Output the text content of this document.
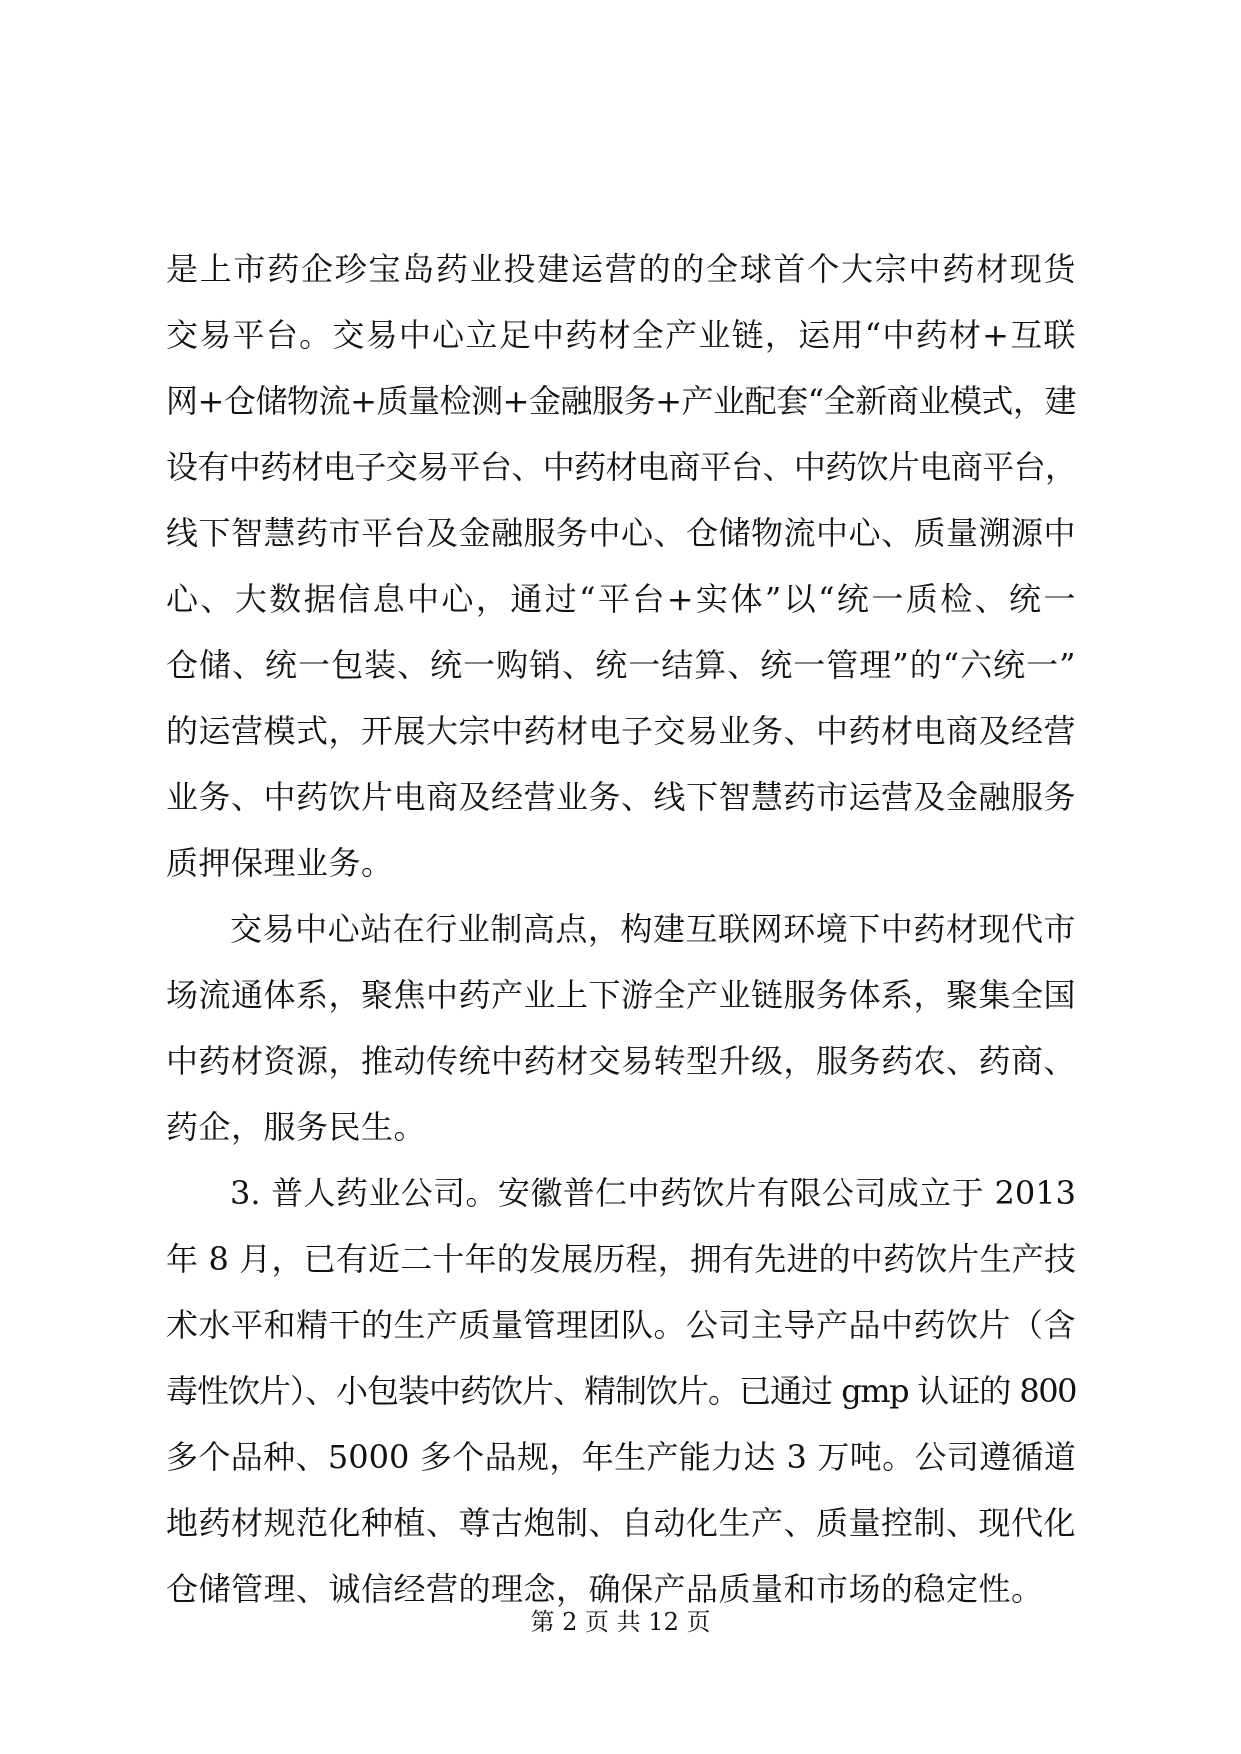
是上市药企珍宝岛药业投建运营的的全球首个大宗中药材现货
交易平台。交易中心立足中药材全产业链，运用“中药材+互联
网+仓储物流+质量检测+金融服务+产业配套“全新商业模式，建
设有中药材电子交易平台、中药材电商平台、中药饮片电商平台，
线下智慧药市平台及金融服务中心、仓储物流中心、质量溯源中
心、大数据信息中心，通过“平台+实体”以“统一质检、统一
仓储、统一包装、统一购销、统一结算、统一管理”的“六统一”
的运营模式，开展大宗中药材电子交易业务、中药材电商及经营
业务、中药饮片电商及经营业务、线下智慧药市运营及金融服务
质押保理业务。
交易中心站在行业制高点，构建互联网环境下中药材现代市
场流通体系，聚焦中药产业上下游全产业链服务体系，聚集全国
中药材资源，推动传统中药材交易转型升级，服务药农、药商、
药企，服务民生。
3. 普人药业公司。安徽普仁中药饮片有限公司成立于 2013
年 8 月，已有近二十年的发展历程，拥有先进的中药饮片生产技
术水平和精干的生产质量管理团队。公司主导产品中药饮片（含
毒性饮片）、小包装中药饮片、精制饮片。已通过 gmp 认证的 800
多个品种、5000 多个品规，年生产能力达 3 万吨。公司遵循道
地药材规范化种植、尊古炮制、自动化生产、质量控制、现代化
仓储管理、诚信经营的理念，确保产品质量和市场的稳定性。
第 2 页 共 12 页
